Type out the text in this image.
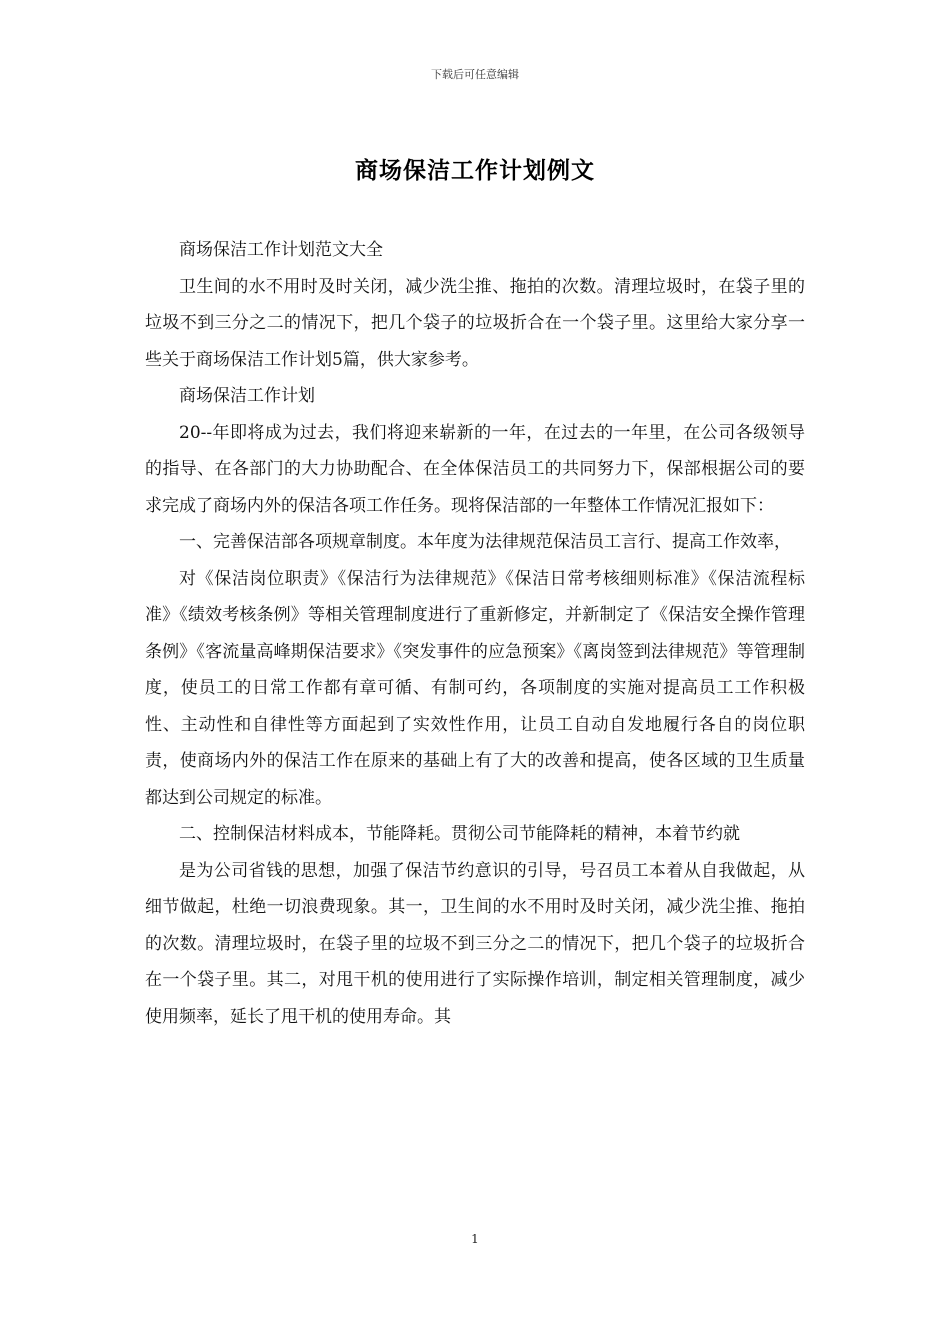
下载后可任意编辑
商场保洁工作计划例文

商场保洁工作计划范文大全

卫生间的水不用时及时关闭，减少洗尘推、拖拍的次数。清理垃圾时，在袋子里的垃圾不到三分之二的情况下，把几个袋子的垃圾折合在一个袋子里。这里给大家分享一些关于商场保洁工作计划5篇，供大家参考。

商场保洁工作计划

20--年即将成为过去，我们将迎来崭新的一年，在过去的一年里，在公司各级领导的指导、在各部门的大力协助配合、在全体保洁员工的共同努力下，保部根据公司的要求完成了商场内外的保洁各项工作任务。现将保洁部的一年整体工作情况汇报如下：

一、完善保洁部各项规章制度。本年度为法律规范保洁员工言行、提高工作效率，

对《保洁岗位职责》《保洁行为法律规范》《保洁日常考核细则标准》《保洁流程标准》《绩效考核条例》等相关管理制度进行了重新修定，并新制定了《保洁安全操作管理条例》《客流量高峰期保洁要求》《突发事件的应急预案》《离岗签到法律规范》等管理制度，使员工的日常工作都有章可循、有制可约，各项制度的实施对提高员工工作积极性、主动性和自律性等方面起到了实效性作用，让员工自动自发地履行各自的岗位职责，使商场内外的保洁工作在原来的基础上有了大的改善和提高，使各区域的卫生质量都达到公司规定的标准。

二、控制保洁材料成本，节能降耗。贯彻公司节能降耗的精神，本着节约就

是为公司省钱的思想，加强了保洁节约意识的引导，号召员工本着从自我做起，从细节做起，杜绝一切浪费现象。其一，卫生间的水不用时及时关闭，减少洗尘推、拖拍的次数。清理垃圾时，在袋子里的垃圾不到三分之二的情况下，把几个袋子的垃圾折合在一个袋子里。其二，对甩干机的使用进行了实际操作培训，制定相关管理制度，减少使用频率，延长了甩干机的使用寿命。其

1
